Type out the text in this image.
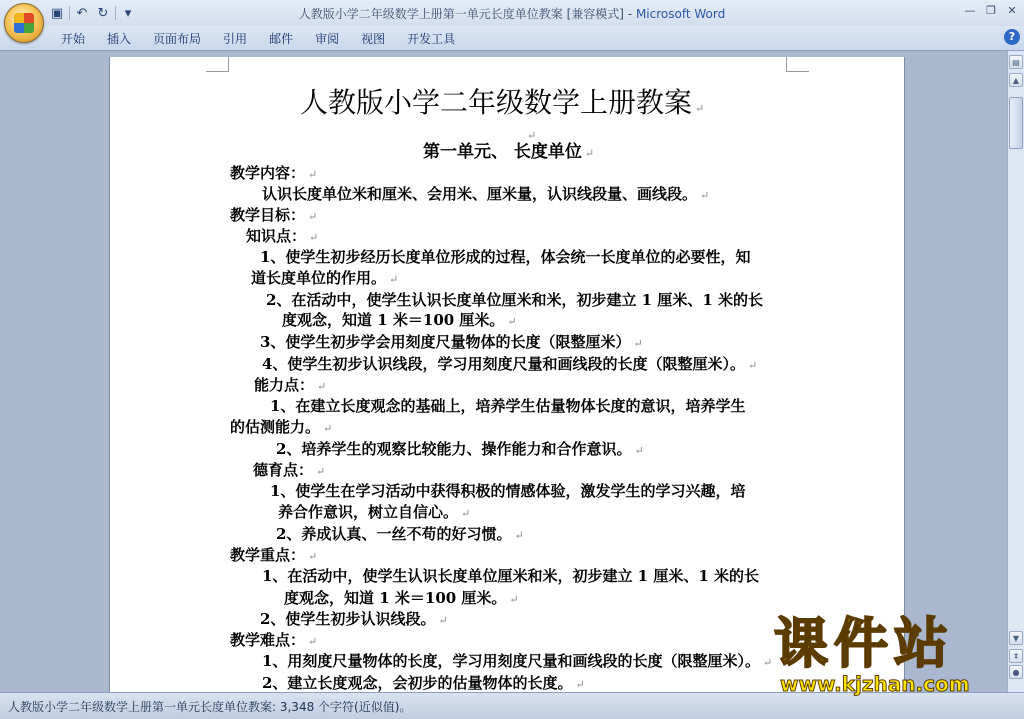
▣ ↶ ↻	▾	人教版小学二年级数学上册第一单元长度单位教案 [兼容模式] - Microsoft Word	— ❐	✕
开始	插入	页面布局	引用	邮件	审阅	视图	开发工具	?
人教版小学二年级数学上册教案 ↵
↵
第一单元、 长度单位 ↵
教学内容： ↵
认识长度单位米和厘米、会用米、厘米量，认识线段量、画线段。 ↵
教学目标： ↵
知识点： ↵
1、使学生初步经历长度单位形成的过程，体会统一长度单位的必要性，知
道长度单位的作用。 ↵
2、在活动中，使学生认识长度单位厘米和米，初步建立 1 厘米、1 米的长
度观念，知道 1 米＝100 厘米。 ↵
3、使学生初步学会用刻度尺量物体的长度（限整厘米） ↵
4、使学生初步认识线段，学习用刻度尺量和画线段的长度（限整厘米）。 ↵
能力点： ↵
1、在建立长度观念的基础上，培养学生估量物体长度的意识，培养学生
的估测能力。 ↵
2、培养学生的观察比较能力、操作能力和合作意识。 ↵
德育点： ↵
1、使学生在学习活动中获得积极的情感体验，激发学生的学习兴趣，培
养合作意识，树立自信心。 ↵
2、养成认真、一丝不苟的好习惯。 ↵
教学重点： ↵
1、在活动中，使学生认识长度单位厘米和米，初步建立 1 厘米、1 米的长
度观念，知道 1 米＝100 厘米。 ↵
2、使学生初步认识线段。 ↵
教学难点： ↵
1、用刻度尺量物体的长度，学习用刻度尺量和画线段的长度（限整厘米）。 ↵
2、建立长度观念，会初步的估量物体的长度。 ↵
▤
▲
▼
⇞
●
人教版小学二年级数学上册第一单元长度单位教案: 3,348 个字符(近似值)。
课件站
www.kjzhan.com
